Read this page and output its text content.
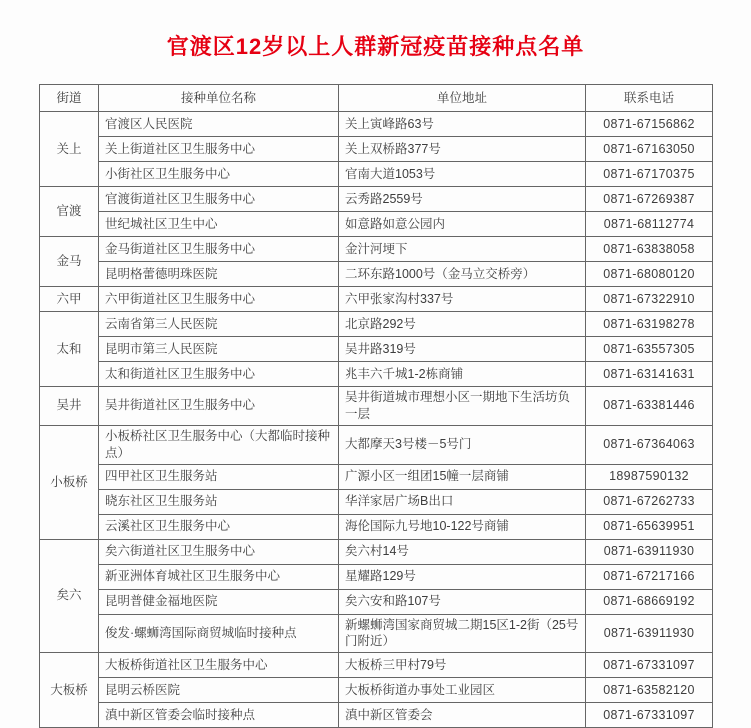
官渡区12岁以上人群新冠疫苗接种点名单
街道	接种单位名称	单位地址	联系电话
关上	官渡区人民医院	关上寅峰路63号	0871-67156862
	关上街道社区卫生服务中心	关上双桥路377号	0871-67163050
	小街社区卫生服务中心	官南大道1053号	0871-67170375
官渡	官渡街道社区卫生服务中心	云秀路2559号	0871-67269387
	世纪城社区卫生中心	如意路如意公园内	0871-68112774
金马	金马街道社区卫生服务中心	金汁河埂下	0871-63838058
	昆明格蕾德明珠医院	二环东路1000号（金马立交桥旁）	0871-68080120
六甲	六甲街道社区卫生服务中心	六甲张家沟村337号	0871-67322910
太和	云南省第三人民医院	北京路292号	0871-63198278
	昆明市第三人民医院	吴井路319号	0871-63557305
	太和街道社区卫生服务中心	兆丰六千城1-2栋商铺	0871-63141631
吴井	吴井街道社区卫生服务中心	吴井街道城市理想小区一期地下生活坊负一层	0871-63381446
小板桥	小板桥社区卫生服务中心（大都临时接种点）	大都摩天3号楼－5号门	0871-67364063
	四甲社区卫生服务站	广源小区一组团15幢一层商铺	18987590132
	晓东社区卫生服务站	华洋家居广场B出口	0871-67262733
	云溪社区卫生服务中心	海伦国际九号地10-122号商铺	0871-65639951
矣六	矣六街道社区卫生服务中心	矣六村14号	0871-63911930
	新亚洲体育城社区卫生服务中心	星耀路129号	0871-67217166
	昆明普健金福地医院	矣六安和路107号	0871-68669192
	俊发·螺蛳湾国际商贸城临时接种点	新螺蛳湾国家商贸城二期15区1-2街（25号门附近）	0871-63911930
大板桥	大板桥街道社区卫生服务中心	大板桥三甲村79号	0871-67331097
	昆明云桥医院	大板桥街道办事处工业园区	0871-63582120
	滇中新区管委会临时接种点	滇中新区管委会	0871-67331097
